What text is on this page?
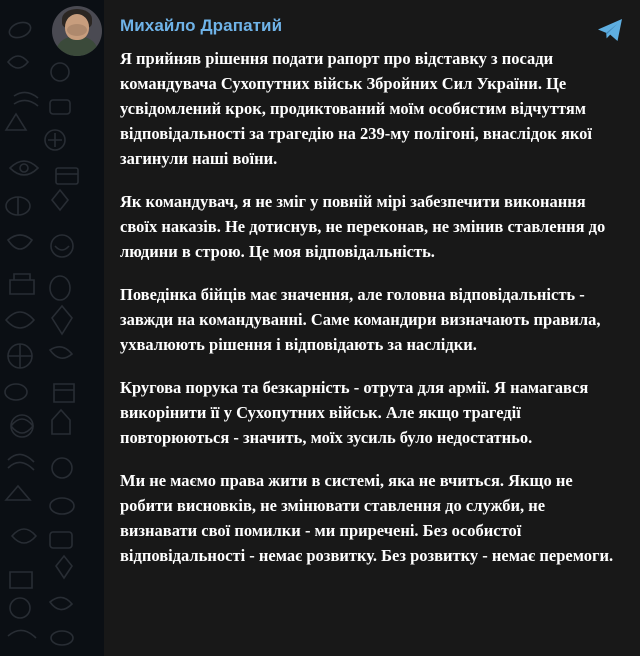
Михайло Драпатий

Я прийняв рішення подати рапорт про відставку з посади командувача Сухопутних військ Збройних Сил України. Це усвідомлений крок, продиктований моїм особистим відчуттям відповідальності за трагедію на 239-му полігоні, внаслідок якої загинули наші воїни.

Як командувач, я не зміг у повній мірі забезпечити виконання своїх наказів. Не дотиснув, не переконав, не змінив ставлення до людини в строю. Це моя відповідальність.

Поведінка бійців має значення, але головна відповідальність - завжди на командуванні. Саме командири визначають правила, ухвалюють рішення і відповідають за наслідки.

Кругова порука та безкарність - отрута для армії. Я намагався викорінити її у Сухопутних військ. Але якщо трагедії повторюються - значить, моїх зусиль було недостатньо.

Ми не маємо права жити в системі, яка не вчиться. Якщо не робити висновків, не змінювати ставлення до служби, не визнавати свої помилки - ми приречені. Без особистої відповідальності - немає розвитку. Без розвитку - немає перемоги.
